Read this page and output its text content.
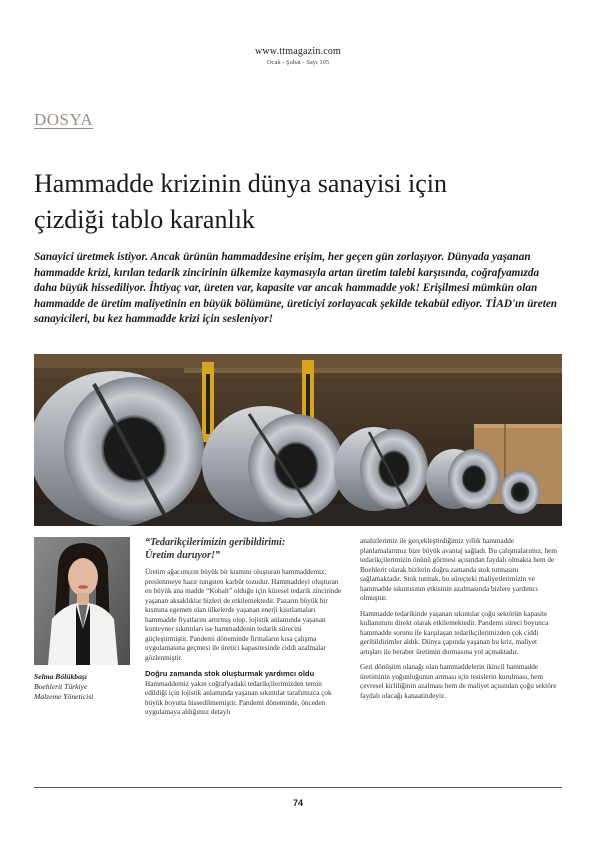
www.ttmagazin.com
Ocak - Şubat - Sayı 105
DOSYA
Hammadde krizinin dünya sanayisi için
çizdiği tablo karanlık

Sanayici üretmek istiyor. Ancak ürünün hammaddesine erişim, her geçen gün zorlaşıyor. Dünyada yaşanan hammadde krizi, kırılan tedarik zincirinin ülkemize kaymasıyla artan üretim talebi karşısında, coğrafyamızda daha büyük hissediliyor. İhtiyaç var, üreten var, kapasite var ancak hammadde yok! Erişilmesi mümkün olan hammadde de üretim maliyetinin en büyük bölümüne, üreticiyi zorlayacak şekilde tekabül ediyor. TİAD'ın üreten sanayicileri, bu kez hammadde krizi için sesleniyor!

Selma Bölükbaşı
Boehlerit Türkiye
Malzeme Yöneticisi
“Tedarikçilerimizin geribildirimi:
Üretim duruyor!”

Üretim ağacımızın büyük bir kısmını oluşturan hammaddemiz, preslenmeye hazır tungsten karbür tozudur. Hammaddeyi oluşturan en büyük ana madde “Kobalt” olduğu için küresel tedarik zincirinde yaşanan aksaklıklar bizleri de etkilemektedir. Pazarın büyük bir kısmına egemen olan ülkelerde yaşanan enerji kısıtlamaları hammadde fiyatlarını artırmış olup, lojistik anlamında yaşanan konteyner sıkıntıları ise hammaddenin tedarik sürecini güçleştirmiştir. Pandemi döneminde firmaların kısa çalışma uygulamasına geçmesi ile üretici kapasitesinde ciddi azalmalar gözlenmiştir.

Doğru zamanda stok oluşturmak yardımcı oldu

Hammaddemiz yakın coğrafyadaki tedarikçilerimizden temin edildiği için lojistik anlamında yaşanan sıkıntılar tarafımızca çok büyük boyutta hissedilmemiştir. Pandemi döneminde, önceden uygulamaya aldığımız detaylı

analizlerimiz ile gerçekleştirdiğimiz yıllık hammadde planlamalarımız bize büyük avantaj sağladı. Bu çalışmalarımız, hem tedarikçilerimizin önünü görmesi açısından faydalı olmakta hem de Boehlerit olarak bizlerin doğru zamanda stok tutmasını sağlamaktadır. Stok tutmak, bu süreçteki maliyetlerimizin ve hammadde sıkıntısının etkisinin azalmasında bizlere yardımcı olmuştur.

Hammadde tedarikinde yaşanan sıkıntılar çoğu sektörün kapasite kullanımını direkt olarak etkilemektedir. Pandemi süreci boyunca hammadde sorunu ile karşılaşan tedarikçilerimizden çok ciddi geribildirimler aldık. Dünya çapında yaşanan bu kriz, maliyet artışları ile beraber üretimin durmasına yol açmaktadır.

Geri dönüşüm olanağı olan hammaddelerin ikincil hammadde üretiminin yoğunluğunun artması için tesislerin kurulması, hem çevresel kirliliğinin azalması hem de maliyet açısından çoğu sektöre faydalı olacağı kanaatindeyiz.

74
